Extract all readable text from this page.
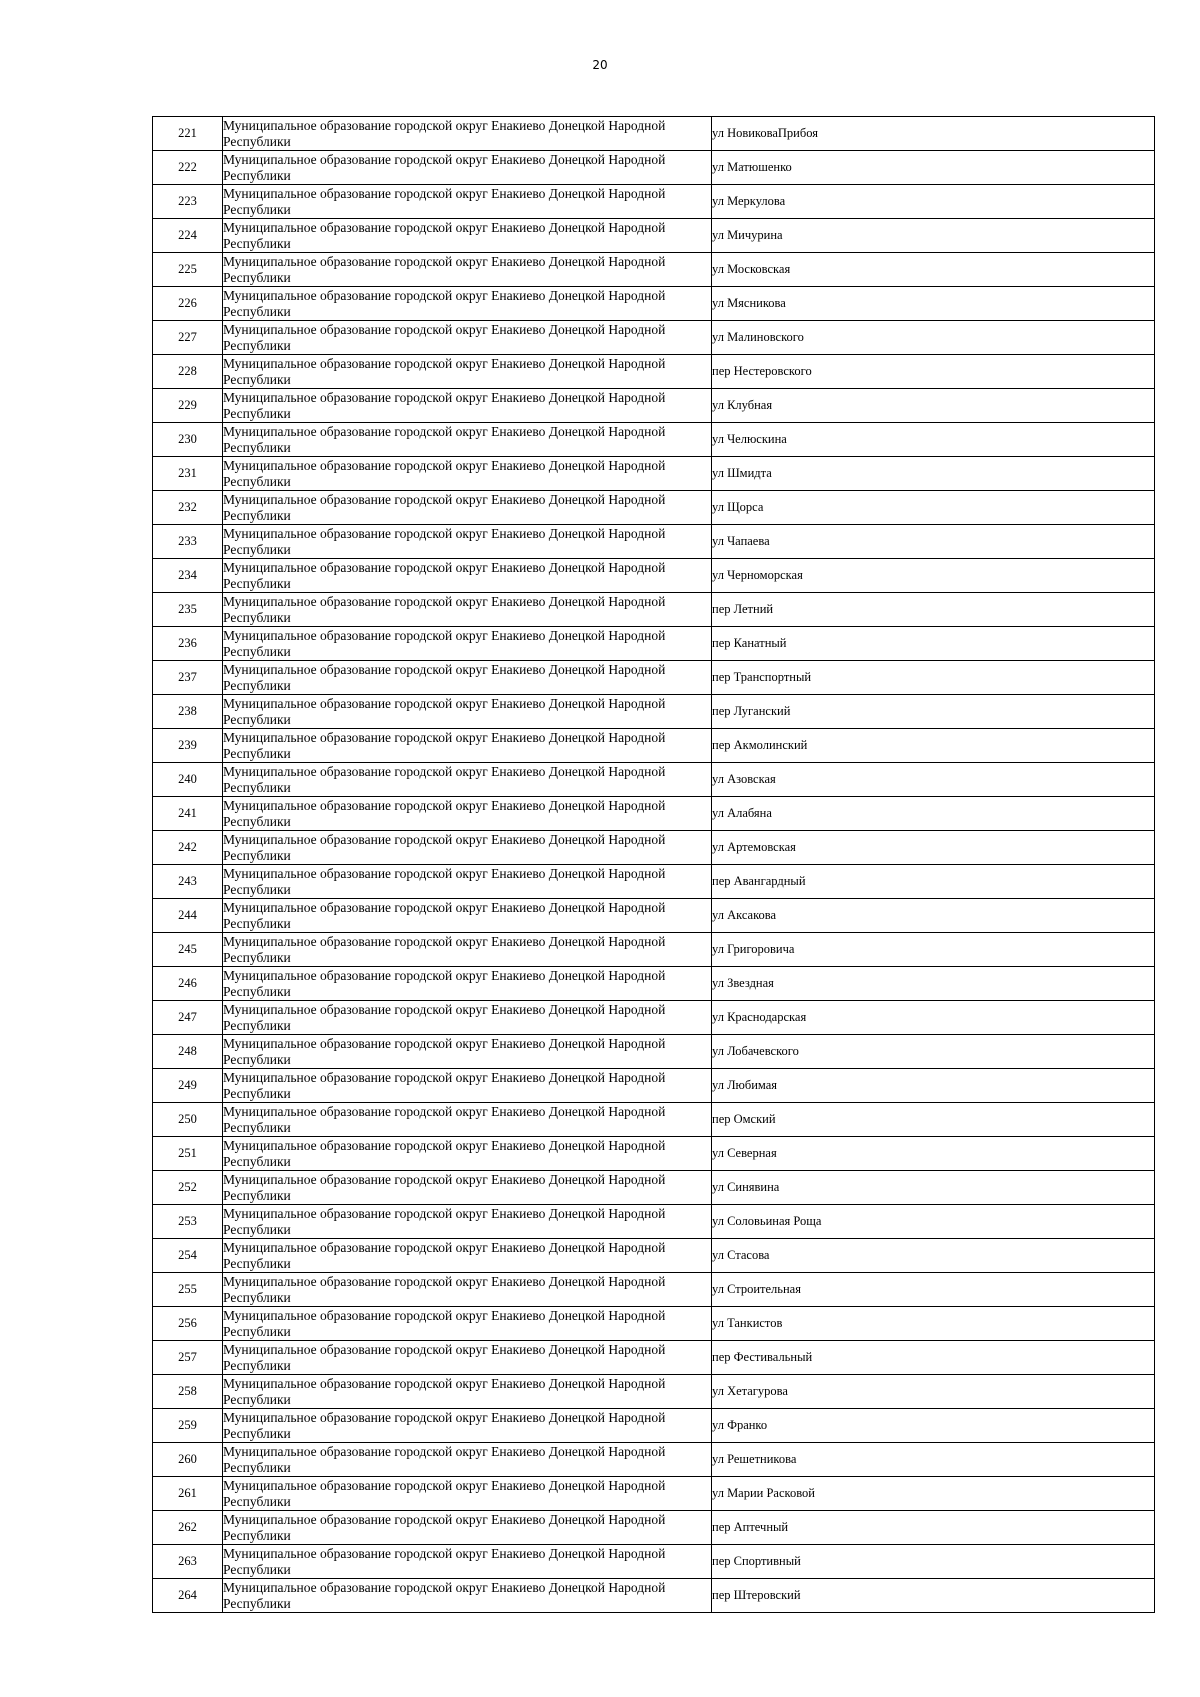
20
221	Муниципальное образование городской округ Енакиево Донецкой Народной Республики	ул НовиковаПрибоя
222	Муниципальное образование городской округ Енакиево Донецкой Народной Республики	ул Матюшенко
223	Муниципальное образование городской округ Енакиево Донецкой Народной Республики	ул Меркулова
224	Муниципальное образование городской округ Енакиево Донецкой Народной Республики	ул Мичурина
225	Муниципальное образование городской округ Енакиево Донецкой Народной Республики	ул Московская
226	Муниципальное образование городской округ Енакиево Донецкой Народной Республики	ул Мясникова
227	Муниципальное образование городской округ Енакиево Донецкой Народной Республики	ул Малиновского
228	Муниципальное образование городской округ Енакиево Донецкой Народной Республики	пер Нестеровского
229	Муниципальное образование городской округ Енакиево Донецкой Народной Республики	ул Клубная
230	Муниципальное образование городской округ Енакиево Донецкой Народной Республики	ул Челюскина
231	Муниципальное образование городской округ Енакиево Донецкой Народной Республики	ул Шмидта
232	Муниципальное образование городской округ Енакиево Донецкой Народной Республики	ул Щорса
233	Муниципальное образование городской округ Енакиево Донецкой Народной Республики	ул Чапаева
234	Муниципальное образование городской округ Енакиево Донецкой Народной Республики	ул Черноморская
235	Муниципальное образование городской округ Енакиево Донецкой Народной Республики	пер Летний
236	Муниципальное образование городской округ Енакиево Донецкой Народной Республики	пер Канатный
237	Муниципальное образование городской округ Енакиево Донецкой Народной Республики	пер Транспортный
238	Муниципальное образование городской округ Енакиево Донецкой Народной Республики	пер Луганский
239	Муниципальное образование городской округ Енакиево Донецкой Народной Республики	пер Акмолинский
240	Муниципальное образование городской округ Енакиево Донецкой Народной Республики	ул Азовская
241	Муниципальное образование городской округ Енакиево Донецкой Народной Республики	ул Алабяна
242	Муниципальное образование городской округ Енакиево Донецкой Народной Республики	ул Артемовская
243	Муниципальное образование городской округ Енакиево Донецкой Народной Республики	пер Авангардный
244	Муниципальное образование городской округ Енакиево Донецкой Народной Республики	ул Аксакова
245	Муниципальное образование городской округ Енакиево Донецкой Народной Республики	ул Григоровича
246	Муниципальное образование городской округ Енакиево Донецкой Народной Республики	ул Звездная
247	Муниципальное образование городской округ Енакиево Донецкой Народной Республики	ул Краснодарская
248	Муниципальное образование городской округ Енакиево Донецкой Народной Республики	ул Лобачевского
249	Муниципальное образование городской округ Енакиево Донецкой Народной Республики	ул Любимая
250	Муниципальное образование городской округ Енакиево Донецкой Народной Республики	пер Омский
251	Муниципальное образование городской округ Енакиево Донецкой Народной Республики	ул Северная
252	Муниципальное образование городской округ Енакиево Донецкой Народной Республики	ул Синявина
253	Муниципальное образование городской округ Енакиево Донецкой Народной Республики	ул Соловьиная Роща
254	Муниципальное образование городской округ Енакиево Донецкой Народной Республики	ул Стасова
255	Муниципальное образование городской округ Енакиево Донецкой Народной Республики	ул Строительная
256	Муниципальное образование городской округ Енакиево Донецкой Народной Республики	ул Танкистов
257	Муниципальное образование городской округ Енакиево Донецкой Народной Республики	пер Фестивальный
258	Муниципальное образование городской округ Енакиево Донецкой Народной Республики	ул Хетагурова
259	Муниципальное образование городской округ Енакиево Донецкой Народной Республики	ул Франко
260	Муниципальное образование городской округ Енакиево Донецкой Народной Республики	ул Решетникова
261	Муниципальное образование городской округ Енакиево Донецкой Народной Республики	ул Марии Расковой
262	Муниципальное образование городской округ Енакиево Донецкой Народной Республики	пер Аптечный
263	Муниципальное образование городской округ Енакиево Донецкой Народной Республики	пер Спортивный
264	Муниципальное образование городской округ Енакиево Донецкой Народной Республики	пер Штеровский
